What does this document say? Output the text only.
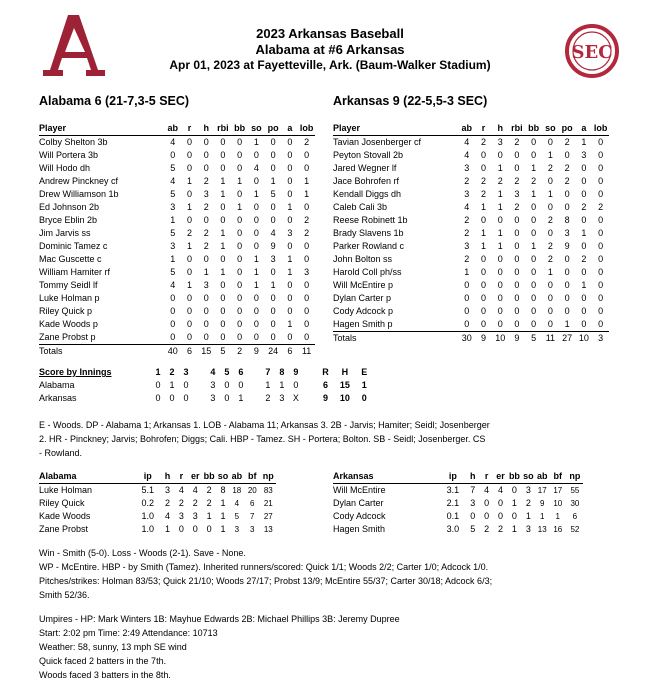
2023 Arkansas Baseball
Alabama at #6 Arkansas
Apr 01, 2023 at Fayetteville, Ark. (Baum-Walker Stadium)
SEC
Alabama 6 (21-7,3-5 SEC)	Arkansas 9 (22-5,5-3 SEC)
Player	ab	r	h	rbi	bb	so	po	a	lob
Colby Shelton 3b	4	0	0	0	0	1	0	0	2
Will Portera 3b	0	0	0	0	0	0	0	0	0
Will Hodo dh	5	0	0	0	0	4	0	0	0
Andrew Pinckney cf	4	1	2	1	1	0	1	0	1
Drew Williamson 1b	5	0	3	1	0	1	5	0	1
Ed Johnson 2b	3	1	2	0	1	0	0	1	0
Bryce Eblin 2b	1	0	0	0	0	0	0	0	2
Jim Jarvis ss	5	2	2	1	0	0	4	3	2
Dominic Tamez c	3	1	2	1	0	0	9	0	0
Mac Guscette c	1	0	0	0	0	1	3	1	0
William Hamiter rf	5	0	1	1	0	1	0	1	3
Tommy Seidl lf	4	1	3	0	0	1	1	0	0
Luke Holman p	0	0	0	0	0	0	0	0	0
Riley Quick p	0	0	0	0	0	0	0	0	0
Kade Woods p	0	0	0	0	0	0	0	1	0
Zane Probst p	0	0	0	0	0	0	0	0	0
Totals	40	6	15	5	2	9	24	6	11
Player	ab	r	h	rbi	bb	so	po	a	lob
Tavian Josenberger cf	4	2	3	2	0	0	2	1	0
Peyton Stovall 2b	4	0	0	0	0	1	0	3	0
Jared Wegner lf	3	0	1	0	1	2	2	0	0
Jace Bohrofen rf	2	2	2	2	2	0	2	0	0
Kendall Diggs dh	3	2	1	3	1	1	0	0	0
Caleb Cali 3b	4	1	1	2	0	0	0	2	2
Reese Robinett 1b	2	0	0	0	0	2	8	0	0
Brady Slavens 1b	2	1	1	0	0	0	3	1	0
Parker Rowland c	3	1	1	0	1	2	9	0	0
John Bolton ss	2	0	0	0	0	2	0	2	0
Harold Coll ph/ss	1	0	0	0	0	1	0	0	0
Will McEntire p	0	0	0	0	0	0	0	1	0
Dylan Carter p	0	0	0	0	0	0	0	0	0
Cody Adcock p	0	0	0	0	0	0	0	0	0
Hagen Smith p	0	0	0	0	0	0	1	0	0
Totals	30	9	10	9	5	11	27	10	3
Score by Innings	1	2	3		4	5	6		7	8	9		R	H	E
Alabama	0	1	0		3	0	0		1	1	0		6	15	1
Arkansas	0	0	0		3	0	1		2	3	X		9	10	0
E - Woods. DP - Alabama 1; Arkansas 1. LOB - Alabama 11; Arkansas 3. 2B - Jarvis; Hamiter; Seidl; Josenberger
2. HR - Pinckney; Jarvis; Bohrofen; Diggs; Cali. HBP - Tamez. SH - Portera; Bolton. SB - Seidl; Josenberger. CS
- Rowland.
Alabama	ip	h	r	er	bb	so	ab	bf	np
Luke Holman	5.1	3	4	4	2	8	18	20	83
Riley Quick	0.2	2	2	2	2	1	4	6	21
Kade Woods	1.0	4	3	3	1	1	5	7	27
Zane Probst	1.0	1	0	0	0	1	3	3	13
Arkansas	ip	h	r	er	bb	so	ab	bf	np
Will McEntire	3.1	7	4	4	0	3	17	17	55
Dylan Carter	2.1	3	0	0	1	2	9	10	30
Cody Adcock	0.1	0	0	0	0	1	1	1	6
Hagen Smith	3.0	5	2	2	1	3	13	16	52
Win - Smith (5-0). Loss - Woods (2-1). Save - None.
WP - McEntire. HBP - by Smith (Tamez). Inherited runners/scored: Quick 1/1; Woods 2/2; Carter 1/0; Adcock 1/0.
Pitches/strikes: Holman 83/53; Quick 21/10; Woods 27/17; Probst 13/9; McEntire 55/37; Carter 30/18; Adcock 6/3;
Smith 52/36.
Umpires - HP: Mark Winters 1B: Mayhue Edwards 2B: Michael Phillips 3B: Jeremy Dupree
Start: 2:02 pm Time: 2:49 Attendance: 10713
Weather: 58, sunny, 13 mph SE wind
Quick faced 2 batters in the 7th.
Woods faced 3 batters in the 8th.
